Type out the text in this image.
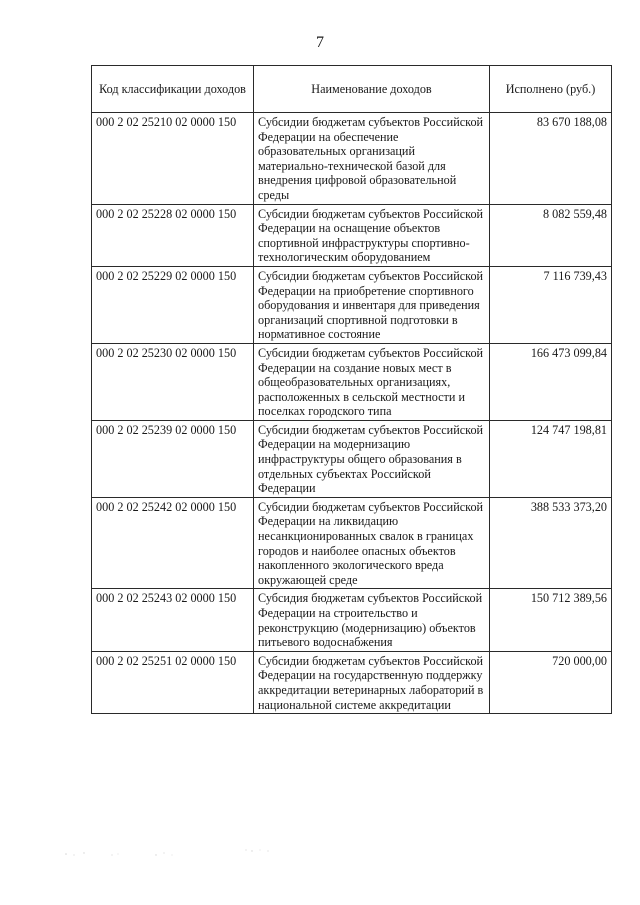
7
Код классификации доходов	Наименование доходов	Исполнено (руб.)
000 2 02 25210 02 0000 150	Субсидии бюджетам субъектов Российской Федерации на обеспечение образовательных организаций материально-технической базой для внедрения цифровой образовательной среды	83 670 188,08
000 2 02 25228 02 0000 150	Субсидии бюджетам субъектов Российской Федерации на оснащение объектов спортивной инфраструктуры спортивно-технологическим оборудованием	8 082 559,48
000 2 02 25229 02 0000 150	Субсидии бюджетам субъектов Российской Федерации на приобретение спортивного оборудования и инвентаря для приведения организаций спортивной подготовки в нормативное состояние	7 116 739,43
000 2 02 25230 02 0000 150	Субсидии бюджетам субъектов Российской Федерации на создание новых мест в общеобразовательных организациях, расположенных в сельской местности и поселках городского типа	166 473 099,84
000 2 02 25239 02 0000 150	Субсидии бюджетам субъектов Российской Федерации на модернизацию инфраструктуры общего образования в отдельных субъектах Российской Федерации	124 747 198,81
000 2 02 25242 02 0000 150	Субсидии бюджетам субъектов Российской Федерации на ликвидацию несанкционированных свалок в границах городов и наиболее опасных объектов накопленного экологического вреда окружающей среде	388 533 373,20
000 2 02 25243 02 0000 150	Субсидия бюджетам субъектов Российской Федерации на строительство и реконструкцию (модернизацию) объектов питьевого водоснабжения	150 712 389,56
000 2 02 25251 02 0000 150	Субсидии бюджетам субъектов Российской Федерации на государственную поддержку аккредитации ветеринарных лабораторий в национальной системе аккредитации	720 000,00
